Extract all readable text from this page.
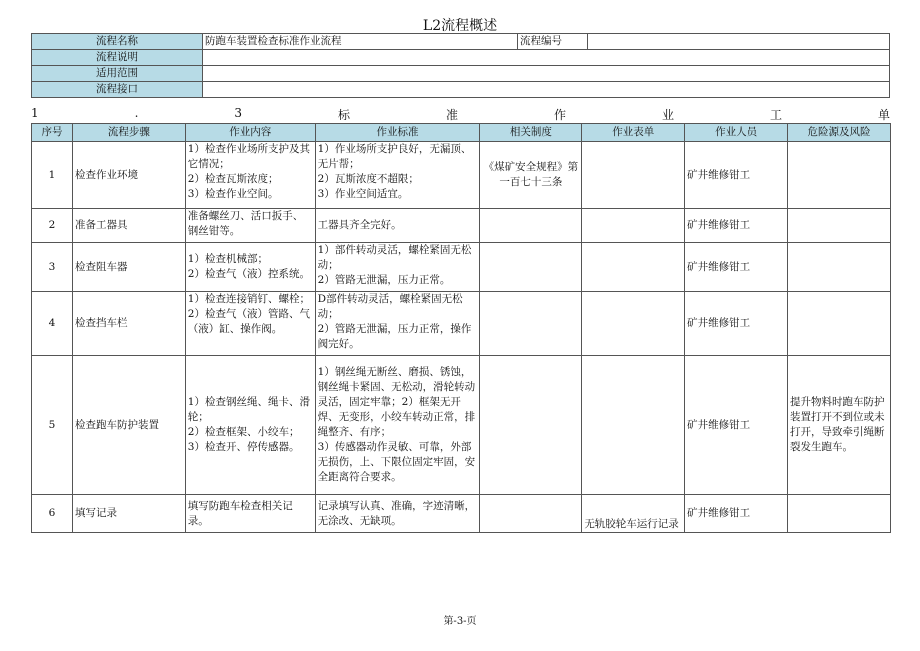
L2流程概述
流程名称	防跑车装置检查标准作业流程	流程编号	
流程说明			
适用范围			
流程接口			
1	.	3	标	准	作	业	工	单
序号	流程步骤	作业内容	作业标准	相关制度	作业表单	作业人员	危险源及风险
1	检查作业环境	1）检查作业场所支护及其它情况；
2）检查瓦斯浓度；
3）检查作业空间。	1）作业场所支护良好，无漏顶、无片帮；
2）瓦斯浓度不超限；
3）作业空间适宜。	《煤矿安全规程》第一百七十三条		矿井维修钳工	
2	准备工器具	准备螺丝刀、活口扳手、钢丝钳等。	工器具齐全完好。			矿井维修钳工	
3	检查阻车器	1）检查机械部；
2）检查气（液）控系统。	1）部件转动灵活，螺栓紧固无松动；
2）管路无泄漏，压力正常。			矿井维修钳工	
4	检查挡车栏	1）检查连接销钉、螺栓；
2）检查气（液）管路、气（液）缸、操作阀。	D部件转动灵活，螺栓紧固无松动；
2）管路无泄漏，压力正常，操作阀完好。			矿井维修钳工	
5	检查跑车防护装置	1）检查钢丝绳、绳卡、滑轮；
2）检查框架、小绞车；
3）检查开、停传感器。	1）钢丝绳无断丝、磨损、锈蚀，钢丝绳卡紧固、无松动，滑轮转动灵活，固定牢靠；2）框架无开焊、无变形，小绞车转动正常，排绳整齐、有序；
3）传感器动作灵敏、可靠，外部无损伤，上、下限位固定牢固，安全距离符合要求。			矿井维修钳工	提升物料时跑车防护装置打开不到位或未打开，导致牵引绳断裂发生跑车。
6	填写记录	填写防跑车检查相关记录。	记录填写认真、准确，字迹清晰，无涂改、无缺项。		无轨胶轮车运行记录	矿井维修钳工	
第-3-页
